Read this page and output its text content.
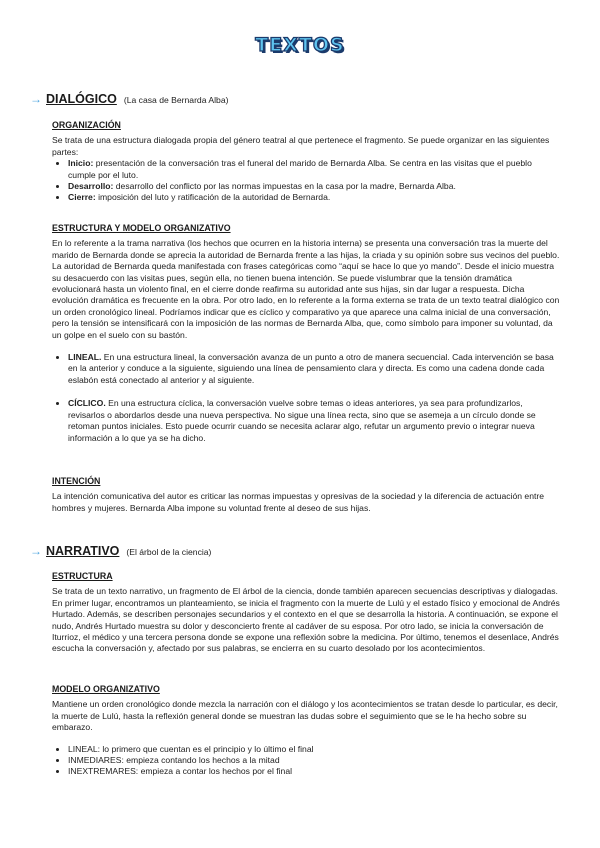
TEXTOS
→ DIALÓGICO (La casa de Bernarda Alba)
ORGANIZACIÓN

Se trata de una estructura dialogada propia del género teatral al que pertenece el fragmento. Se puede organizar en las siguientes partes:

• Inicio: presentación de la conversación tras el funeral del marido de Bernarda Alba. Se centra en las visitas que el pueblo cumple por el luto.
• Desarrollo: desarrollo del conflicto por las normas impuestas en la casa por la madre, Bernarda Alba.
• Cierre: imposición del luto y ratificación de la autoridad de Bernarda.
ESTRUCTURA Y MODELO ORGANIZATIVO

En lo referente a la trama narrativa (los hechos que ocurren en la historia interna) se presenta una conversación tras la muerte del marido de Bernarda donde se aprecia la autoridad de Bernarda frente a las hijas, la criada y su opinión sobre sus vecinos del pueblo. La autoridad de Bernarda queda manifestada con frases categóricas como “aquí se hace lo que yo mando”. Desde el inicio muestra su desacuerdo con las visitas pues, según ella, no tienen buena intención. Se puede vislumbrar que la tensión dramática evolucionará hasta un violento final, en el cierre donde reafirma su autoridad ante sus hijas, sin dar lugar a respuesta. Dicha evolución dramática es frecuente en la obra. Por otro lado, en lo referente a la forma externa se trata de un texto teatral dialógico con un orden cronológico lineal. Podríamos indicar que es cíclico y comparativo ya que aparece una calma inicial de una conversación, pero la tensión se intensificará con la imposición de las normas de Bernarda Alba, que, como símbolo para imponer su voluntad, da un golpe en el suelo con su bastón.

• LINEAL. En una estructura lineal, la conversación avanza de un punto a otro de manera secuencial. Cada intervención se basa en la anterior y conduce a la siguiente, siguiendo una línea de pensamiento clara y directa. Es como una cadena donde cada eslabón está conectado al anterior y al siguiente.
• CÍCLICO. En una estructura cíclica, la conversación vuelve sobre temas o ideas anteriores, ya sea para profundizarlos, revisarlos o abordarlos desde una nueva perspectiva. No sigue una línea recta, sino que se asemeja a un círculo donde se retoman puntos iniciales. Esto puede ocurrir cuando se necesita aclarar algo, refutar un argumento previo o integrar nueva información a lo que ya se ha dicho.
INTENCIÓN

La intención comunicativa del autor es criticar las normas impuestas y opresivas de la sociedad y la diferencia de actuación entre hombres y mujeres. Bernarda Alba impone su voluntad frente al deseo de sus hijas.

→ NARRATIVO (El árbol de la ciencia)
ESTRUCTURA

Se trata de un texto narrativo, un fragmento de El árbol de la ciencia, donde también aparecen secuencias descriptivas y dialogadas. En primer lugar, encontramos un planteamiento, se inicia el fragmento con la muerte de Lulú y el estado físico y emocional de Andrés Hurtado. Además, se describen personajes secundarios y el contexto en el que se desarrolla la historia. A continuación, se expone el nudo, Andrés Hurtado muestra su dolor y desconcierto frente al cadáver de su esposa. Por otro lado, se inicia la conversación de Iturrioz, el médico y una tercera persona donde se expone una reflexión sobre la medicina. Por último, tenemos el desenlace, Andrés escucha la conversación y, afectado por sus palabras, se encierra en su cuarto desolado por los acontecimientos.

MODELO ORGANIZATIVO

Mantiene un orden cronológico donde mezcla la narración con el diálogo y los acontecimientos se tratan desde lo particular, es decir, la muerte de Lulú, hasta la reflexión general donde se muestran las dudas sobre el seguimiento que se le ha hecho sobre su embarazo.

• LINEAL: lo primero que cuentan es el principio y lo último el final
• INMEDIARES: empieza contando los hechos a la mitad
• INEXTREMARES: empieza a contar los hechos por el final
